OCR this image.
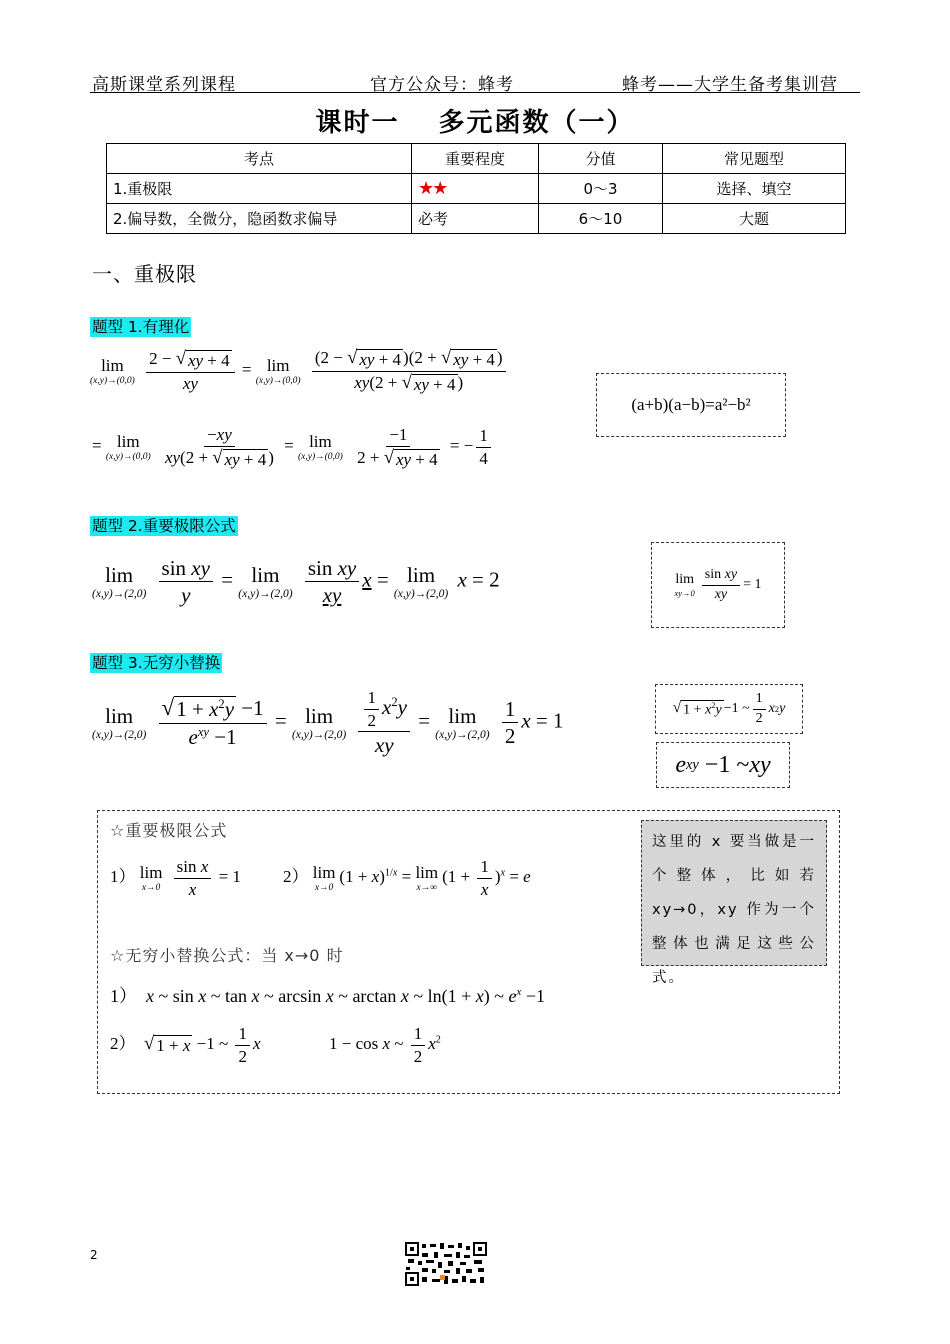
高斯课堂系列课程	官方公众号：蜂考	蜂考——大学生备考集训营
课时一　 多元函数（一）
考点	重要程度	分值	常见题型
1.重极限	★★	0～3	选择、填空
2.偏导数，全微分，隐函数求偏导	必考	6～10	大题
一、重极限
题型 1.有理化
lim
(x,y)→(0,0)
$\frac{2 - √ xy + 4}{xy} = \lim$
(x,y)→(0,0)
$\frac{(2 - √ xy + 4 )(2 + √ xy + 4 )}{xy(2 + √ xy + 4 )}$
= lim
(x,y)→(0,0)
$\frac{-xy}{xy(2 + √ xy + 4 )} = \lim$
(x,y)→(0,0)
$\frac{-1}{2 + √ xy + 4}$ = − $\frac{1}{4}$
(a+b)(a−b)=a²−b²
题型 2.重要极限公式
lim
(x,y)→(2,0)
$\frac{\text{sin xy}}{y} = \lim$
(x,y)→(2,0)
$\frac{\text{sin xy}}{xy}$ x = lim
(x,y)→(2,0)
x = 2	lim
$xy\to 0 \frac{\text{sin xy}}{xy} = 1$
题型 3.无穷小替换
lim
(x,y)→(2,0)
$\frac{√ 1 + x^2y -1}{e^{xy} -1} = \lim$
(x,y)→(2,0)
$\frac{\frac{1}{2} x^2y}{xy} = \lim$
(x,y)→(2,0)
$\frac{1}{2}$ x = 1
√ $1 + x^2y -1$ ~ $\frac{1}{2}$ x 2 y
e xy −1 ~ xy
☆重要极限公式
1） lim
x→0
$\frac{\text{sin x}}{x} = 1$ 2） lim
x→0
$(1 + x)^{1/x} = \lim$
x→∞
$(1 + \frac{1}{x} )^x = e$
☆无穷小替换公式：当 x→0 时
1） x ~ sin x ~ tan x ~ arcsin x ~ arctan x ~ ln(1 + x) ~ $e^x -1$
2） √ 1 + x −1 ~ $\frac{1}{2}$ x	1 − cos x ~ $\frac{1}{2} x^2$
这里的 x 要当做是一个整体，比如若 xy→0，xy 作为一个整体也满足这些公式。
2
